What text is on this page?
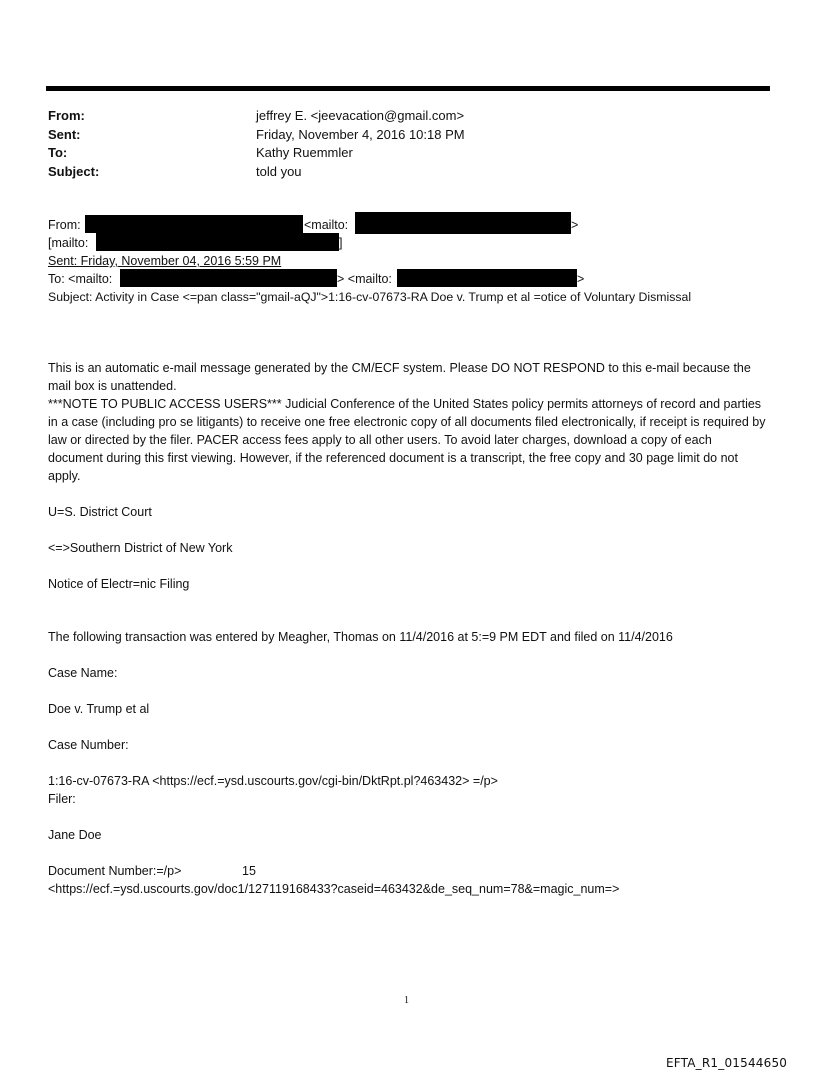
From:	jeffrey E. <jeevacation@gmail.com>
Sent:	Friday, November 4, 2016 10:18 PM
To:	Kathy Ruemmler
Subject:	told you
From:	<mailto:	>
[mailto:	]
Sent: Friday, November 04, 2016 5:59 PM
To: <mailto:	> <mailto:	>
Subject: Activity in Case <=pan class="gmail-aQJ">1:16-cv-07673-RA Doe v. Trump et al =otice of Voluntary Dismissal
This is an automatic e-mail message generated by the CM/ECF system. Please DO NOT RESPOND to this e-mail because the mail box is unattended.
***NOTE TO PUBLIC ACCESS USERS*** Judicial Conference of the United States policy permits attorneys of record and parties in a case (including pro se litigants) to receive one free electronic copy of all documents filed electronically, if receipt is required by law or directed by the filer. PACER access fees apply to all other users. To avoid later charges, download a copy of each document during this first viewing. However, if the referenced document is a transcript, the free copy and 30 page limit do not apply.
U=S. District Court
<=>Southern District of New York
Notice of Electr=nic Filing
The following transaction was entered by Meagher, Thomas on 11/4/2016 at 5:=9 PM EDT and filed on 11/4/2016
Case Name:
Doe v. Trump et al
Case Number:
1:16-cv-07673-RA <https://ecf.=ysd.uscourts.gov/cgi-bin/DktRpt.pl?463432> =/p>
Filer:
Jane Doe
Document Number:=/p>	15
<https://ecf.=ysd.uscourts.gov/doc1/127119168433?caseid=463432&de_seq_num=78&=magic_num=>
1
EFTA_R1_01544650
